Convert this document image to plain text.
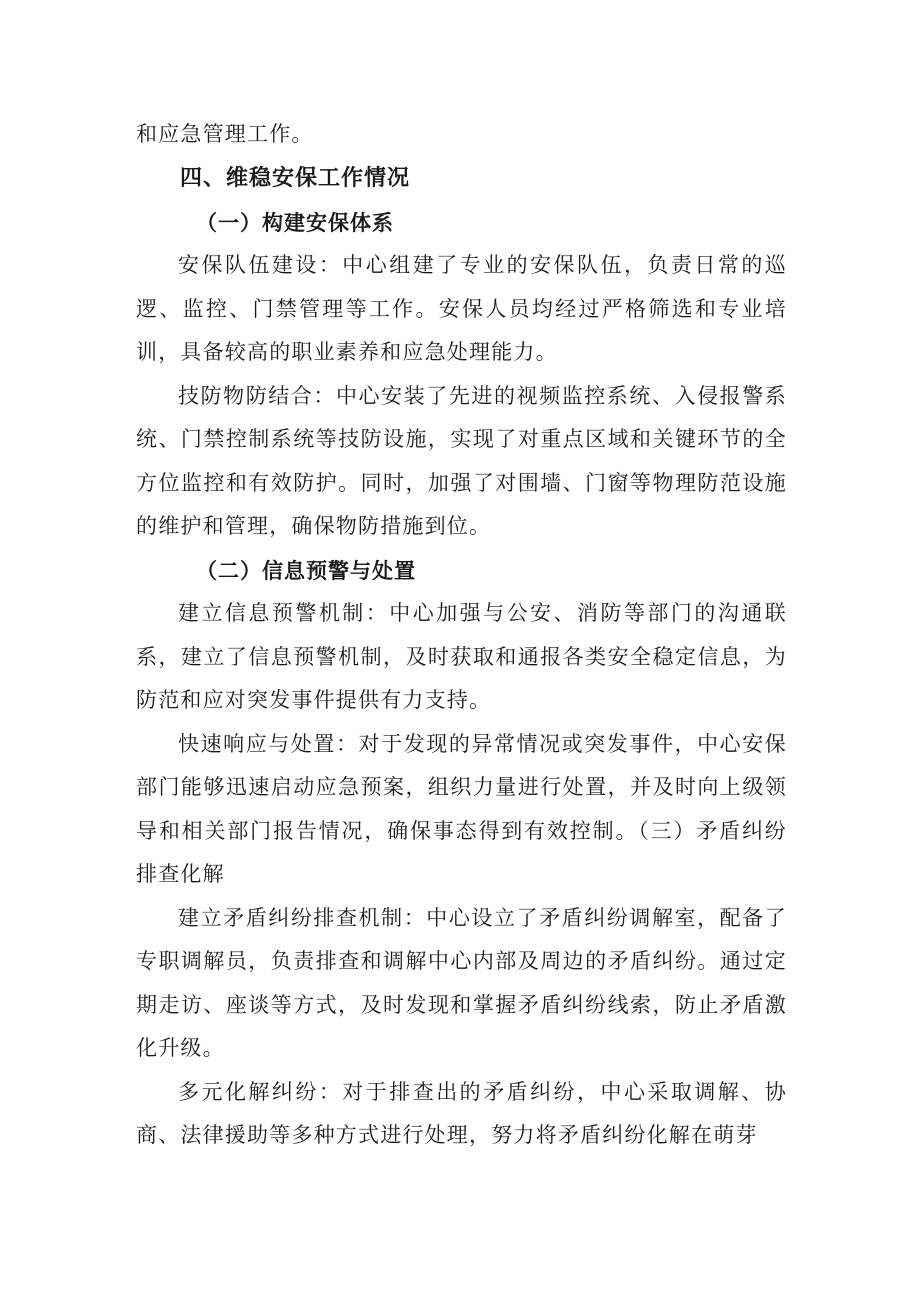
和应急管理工作。

四、维稳安保工作情况
（一）构建安保体系

安保队伍建设：中心组建了专业的安保队伍，负责日常的巡逻、监控、门禁管理等工作。安保人员均经过严格筛选和专业培训，具备较高的职业素养和应急处理能力。

技防物防结合：中心安装了先进的视频监控系统、入侵报警系统、门禁控制系统等技防设施，实现了对重点区域和关键环节的全方位监控和有效防护。同时，加强了对围墙、门窗等物理防范设施的维护和管理，确保物防措施到位。

（二）信息预警与处置

建立信息预警机制：中心加强与公安、消防等部门的沟通联系，建立了信息预警机制，及时获取和通报各类安全稳定信息，为防范和应对突发事件提供有力支持。

快速响应与处置：对于发现的异常情况或突发事件，中心安保部门能够迅速启动应急预案，组织力量进行处置，并及时向上级领导和相关部门报告情况，确保事态得到有效控制。（三）矛盾纠纷排查化解

建立矛盾纠纷排查机制：中心设立了矛盾纠纷调解室，配备了专职调解员，负责排查和调解中心内部及周边的矛盾纠纷。通过定期走访、座谈等方式，及时发现和掌握矛盾纠纷线索，防止矛盾激化升级。

多元化解纠纷：对于排查出的矛盾纠纷，中心采取调解、协商、法律援助等多种方式进行处理，努力将矛盾纠纷化解在萌芽
